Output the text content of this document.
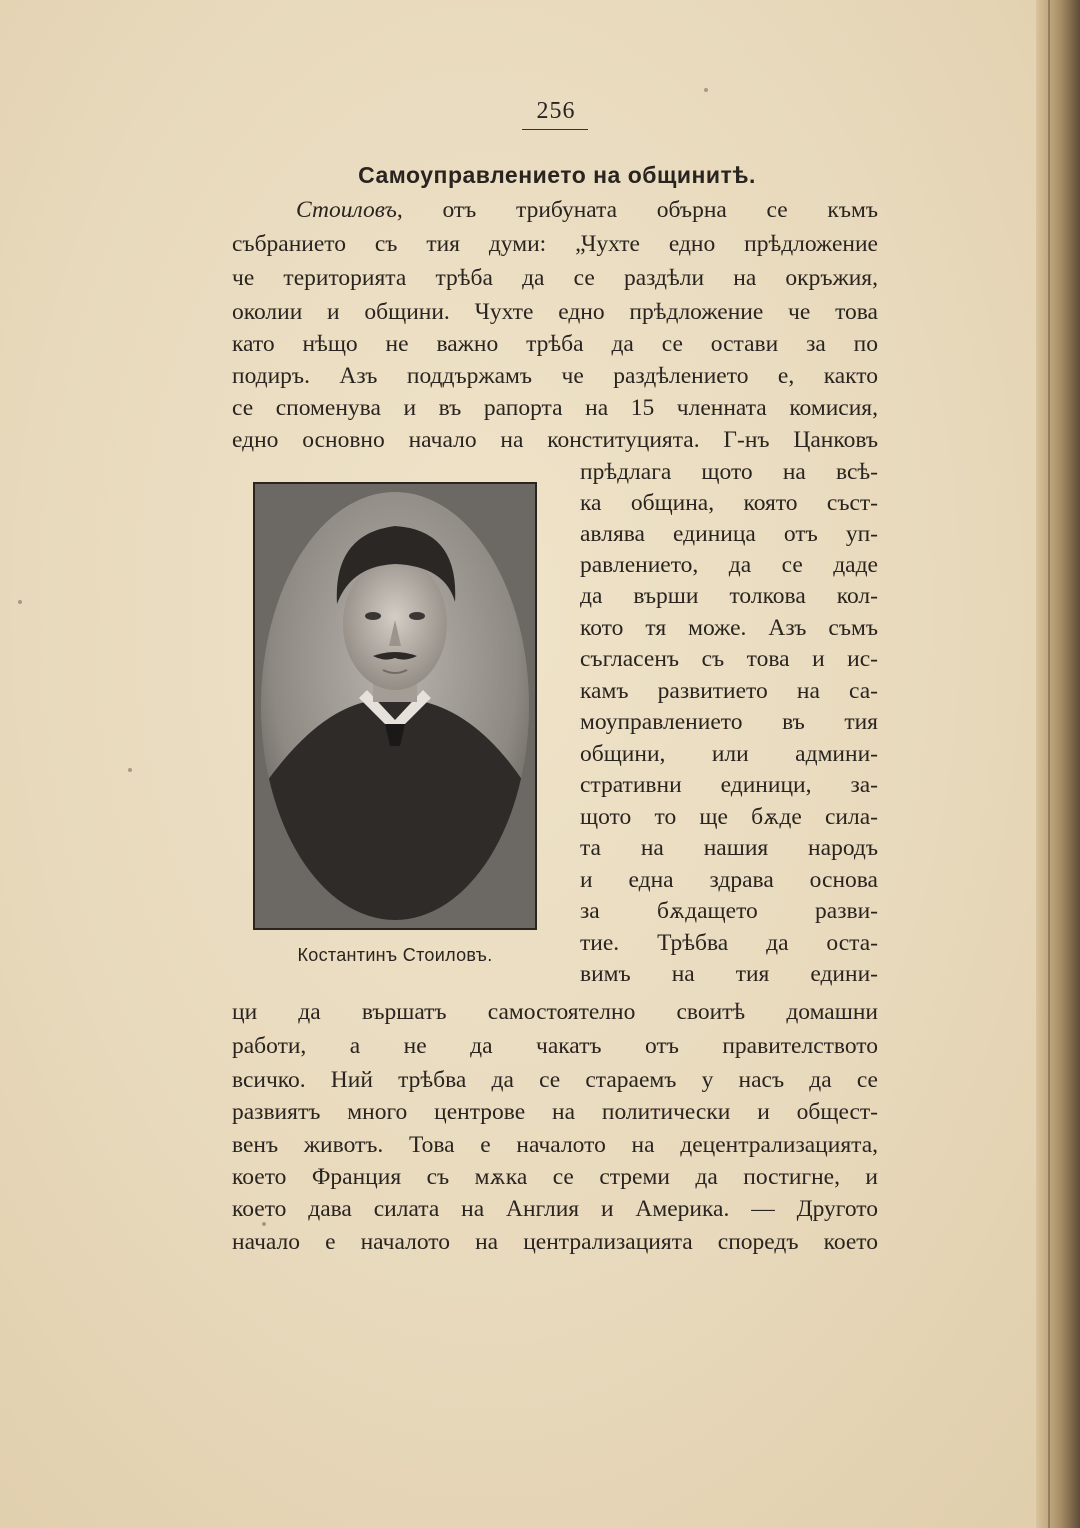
256
Самоуправлението на общинитѣ.
Стоиловъ, отъ трибуната обърна се къмъ
събранието съ тия думи: „Чухте едно прѣдложение
че територията трѣба да се раздѣли на окръжия,
околии и общини. Чухте едно прѣдложение че това
като нѣщо не важно трѣба да се остави за по
подиръ. Азъ поддържамъ че раздѣлението е, както
се споменува и въ рапорта на 15 членната комисия,
едно основно начало на конституцията. Г-нъ Цанковъ
прѣдлага щото на всѣ-
ка община, която съст-
авлява единица отъ уп-
равлението, да се даде
да върши толкова кол-
кото тя може. Азъ съмъ
съгласенъ съ това и ис-
камъ развитието на са-
моуправлението въ тия
общини, или админи-
стративни единици, за-
щото то ще бѫде сила-
та на нашия народъ
и една здрава основа
за бѫдащето разви-
тие. Трѣбва да оста-
вимъ на тия едини-
Костантинъ Стоиловъ.
ци да вършатъ самостоятелно своитѣ домашни
работи, а не да чакатъ отъ правителството
всичко. Ний трѣбва да се стараемъ у насъ да се
развиятъ много центрове на политически и общест-
венъ животъ. Това е началото на децентрализацията,
което Франция съ мѫка се стреми да постигне, и
което дава силата на Англия и Америка. — Другото
начало е началото на централизацията споредъ което
